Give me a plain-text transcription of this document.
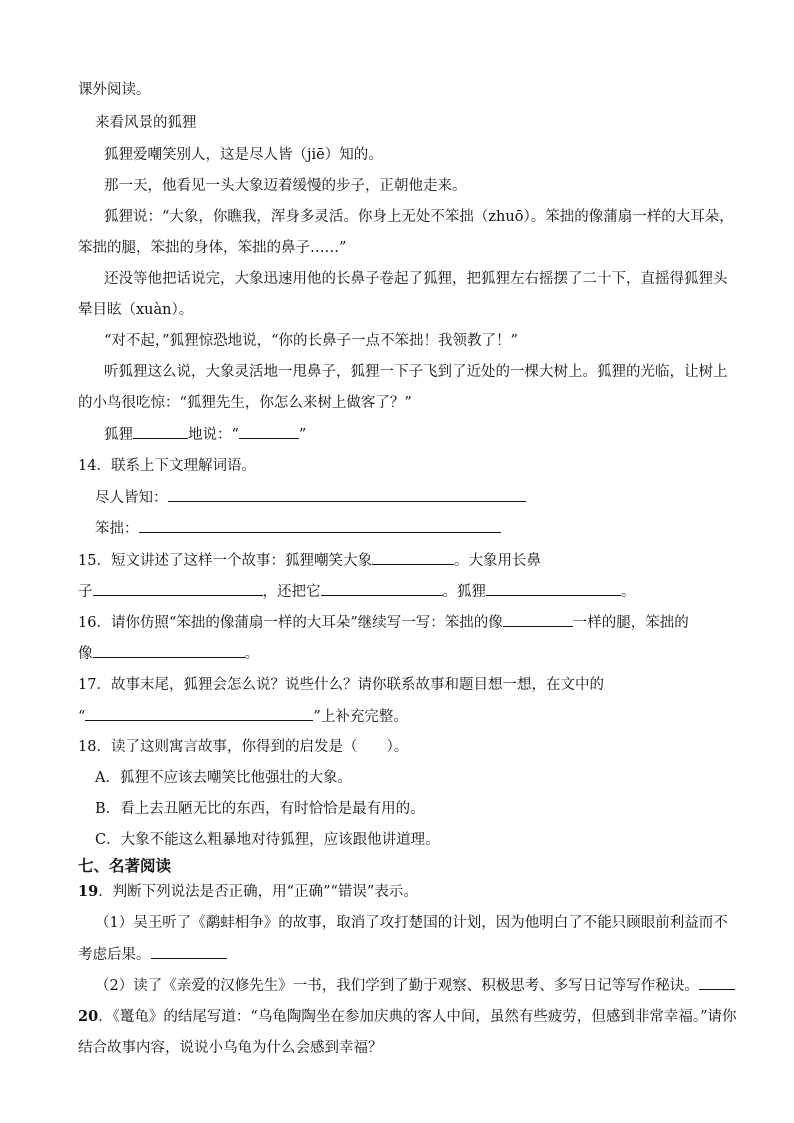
课外阅读。
来看风景的狐狸
狐狸爱嘲笑别人，这是尽人皆（jiē）知的。
那一天，他看见一头大象迈着缓慢的步子，正朝他走来。
狐狸说：“大象，你瞧我，浑身多灵活。你身上无处不笨拙（zhuō）。笨拙的像蒲扇一样的大耳朵，
笨拙的腿，笨拙的身体，笨拙的鼻子……”
还没等他把话说完，大象迅速用他的长鼻子卷起了狐狸，把狐狸左右摇摆了二十下，直摇得狐狸头
晕目眩（xuàn）。
“对不起，”狐狸惊恐地说，“你的长鼻子一点不笨拙！我领教了！”
听狐狸这么说，大象灵活地一甩鼻子，狐狸一下子飞到了近处的一棵大树上。狐狸的光临，让树上
的小鸟很吃惊：“狐狸先生，你怎么来树上做客了？”
狐狸	地说：“	”
14．联系上下文理解词语。
尽人皆知：
笨拙：
15．短文讲述了这样一个故事：狐狸嘲笑大象	。大象用长鼻
子	，还把它	。狐狸	。
16．请你仿照“笨拙的像蒲扇一样的大耳朵”继续写一写：笨拙的像	一样的腿，笨拙的
像	。
17．故事末尾，狐狸会怎么说？说些什么？请你联系故事和题目想一想，在文中的
“	”上补充完整。
18．读了这则寓言故事，你得到的启发是（　　）。
A．狐狸不应该去嘲笑比他强壮的大象。
B．看上去丑陋无比的东西，有时恰恰是最有用的。
C．大象不能这么粗暴地对待狐狸，应该跟他讲道理。
七、名著阅读
19．判断下列说法是否正确，用“正确”“错误”表示。
（1）吴王听了《鹬蚌相争》的故事，取消了攻打楚国的计划，因为他明白了不能只顾眼前利益而不
考虑后果。
（2）读了《亲爱的汉修先生》一书，我们学到了勤于观察、积极思考、多写日记等写作秘诀。
20．《鼍龟》的结尾写道：“乌龟陶陶坐在参加庆典的客人中间，虽然有些疲劳，但感到非常幸福。”请你
结合故事内容，说说小乌龟为什么会感到幸福？
